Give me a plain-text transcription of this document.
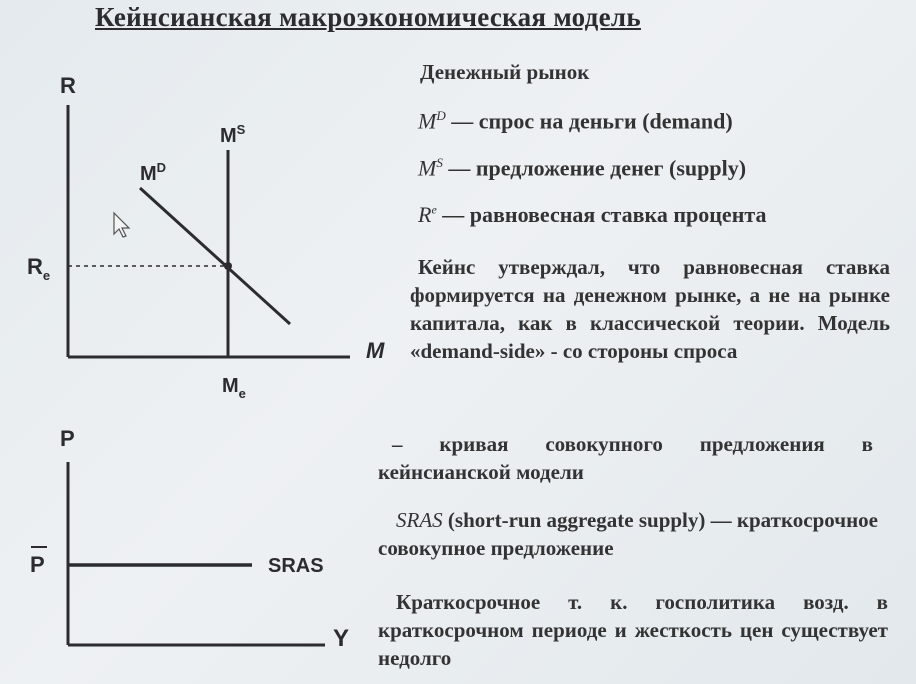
Кейнсианская макроэкономическая модель
R
M
$M^S$
$M^D$
$R_e$
$M_e$
P
Y
P	SRAS
Денежный рынок
$M^D$ — спрос на деньги (demand)
$M^S$ — предложение денег (supply)
$R^e$ — равновесная ставка процента
Кейнс утверждал, что равновесная ставка формируется на денежном рынке, а не на рынке капитала, как в классической теории. Модель «demand-side» - со стороны спроса
– кривая совокупного предложения в кейнсианской модели
SRAS (short-run aggregate supply) — краткосрочное совокупное предложение
Краткосрочное т. к. госполитика возд. в краткосрочном периоде и жесткость цен существует недолго
